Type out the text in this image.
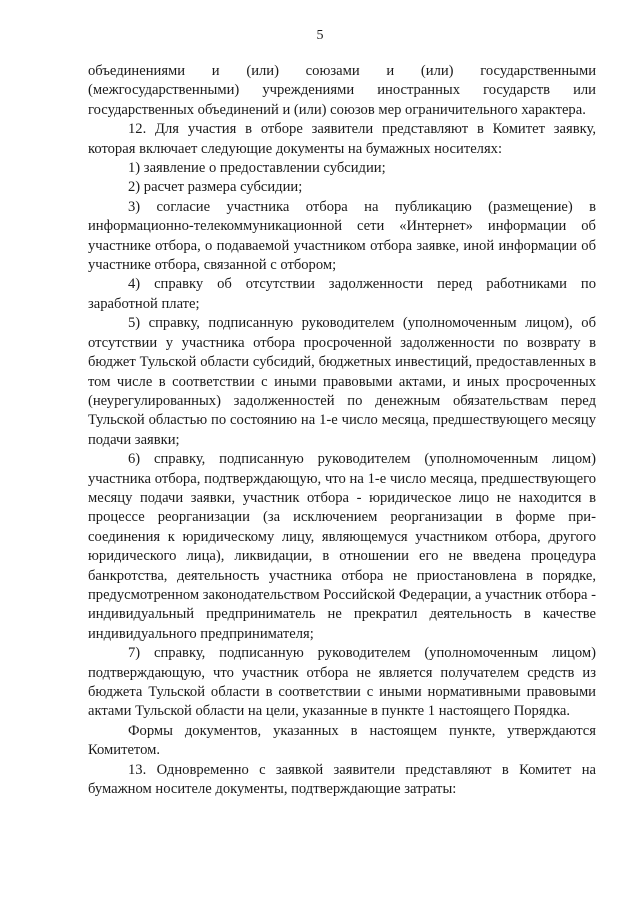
5

объединениями и (или) союзами и (или) государственными (межгосударственными) учреждениями иностранных государств или государственных объединений и (или) союзов мер ограничительного характера.

12. Для участия в отборе заявители представляют в Комитет заявку, которая включает следующие документы на бумажных носителях:

1) заявление о предоставлении субсидии;

2) расчет размера субсидии;

3) согласие участника отбора на публикацию (размещение) в информационно-телекоммуникационной сети «Интернет» информации об участнике отбора, о подаваемой участником отбора заявке, иной информации об участнике отбора, связанной с отбором;

4) справку об отсутствии задолженности перед работниками по заработной плате;

5) справку, подписанную руководителем (уполномоченным лицом), об отсутствии у участника отбора просроченной задолженности по возврату в бюджет Тульской области субсидий, бюджетных инвестиций, предоставленных в том числе в соответствии с иными правовыми актами, и иных просроченных (неурегулированных) задолженностей по денежным обязательствам перед Тульской областью по состоянию на 1-е число месяца, предшествующего месяцу подачи заявки;

6) справку, подписанную руководителем (уполномоченным лицом) участника отбора, подтверждающую, что на 1-е число месяца, предшествующего месяцу подачи заявки, участник отбора - юридическое лицо не находится в процессе реорганизации (за исключением реорганизации в форме присоединения к юридическому лицу, являющемуся участником отбора, другого юридического лица), ликвидации, в отношении его не введена процедура банкротства, деятельность участника отбора не приостановлена в порядке, предусмотренном законодательством Российской Федерации, а участник отбора - индивидуальный предприниматель не прекратил деятельность в качестве индивидуального предпринимателя;

7) справку, подписанную руководителем (уполномоченным лицом) подтверждающую, что участник отбора не является получателем средств из бюджета Тульской области в соответствии с иными нормативными правовыми актами Тульской области на цели, указанные в пункте 1 настоящего Порядка.

Формы документов, указанных в настоящем пункте, утверждаются Комитетом.

13. Одновременно с заявкой заявители представляют в Комитет на бумажном носителе документы, подтверждающие затраты:
